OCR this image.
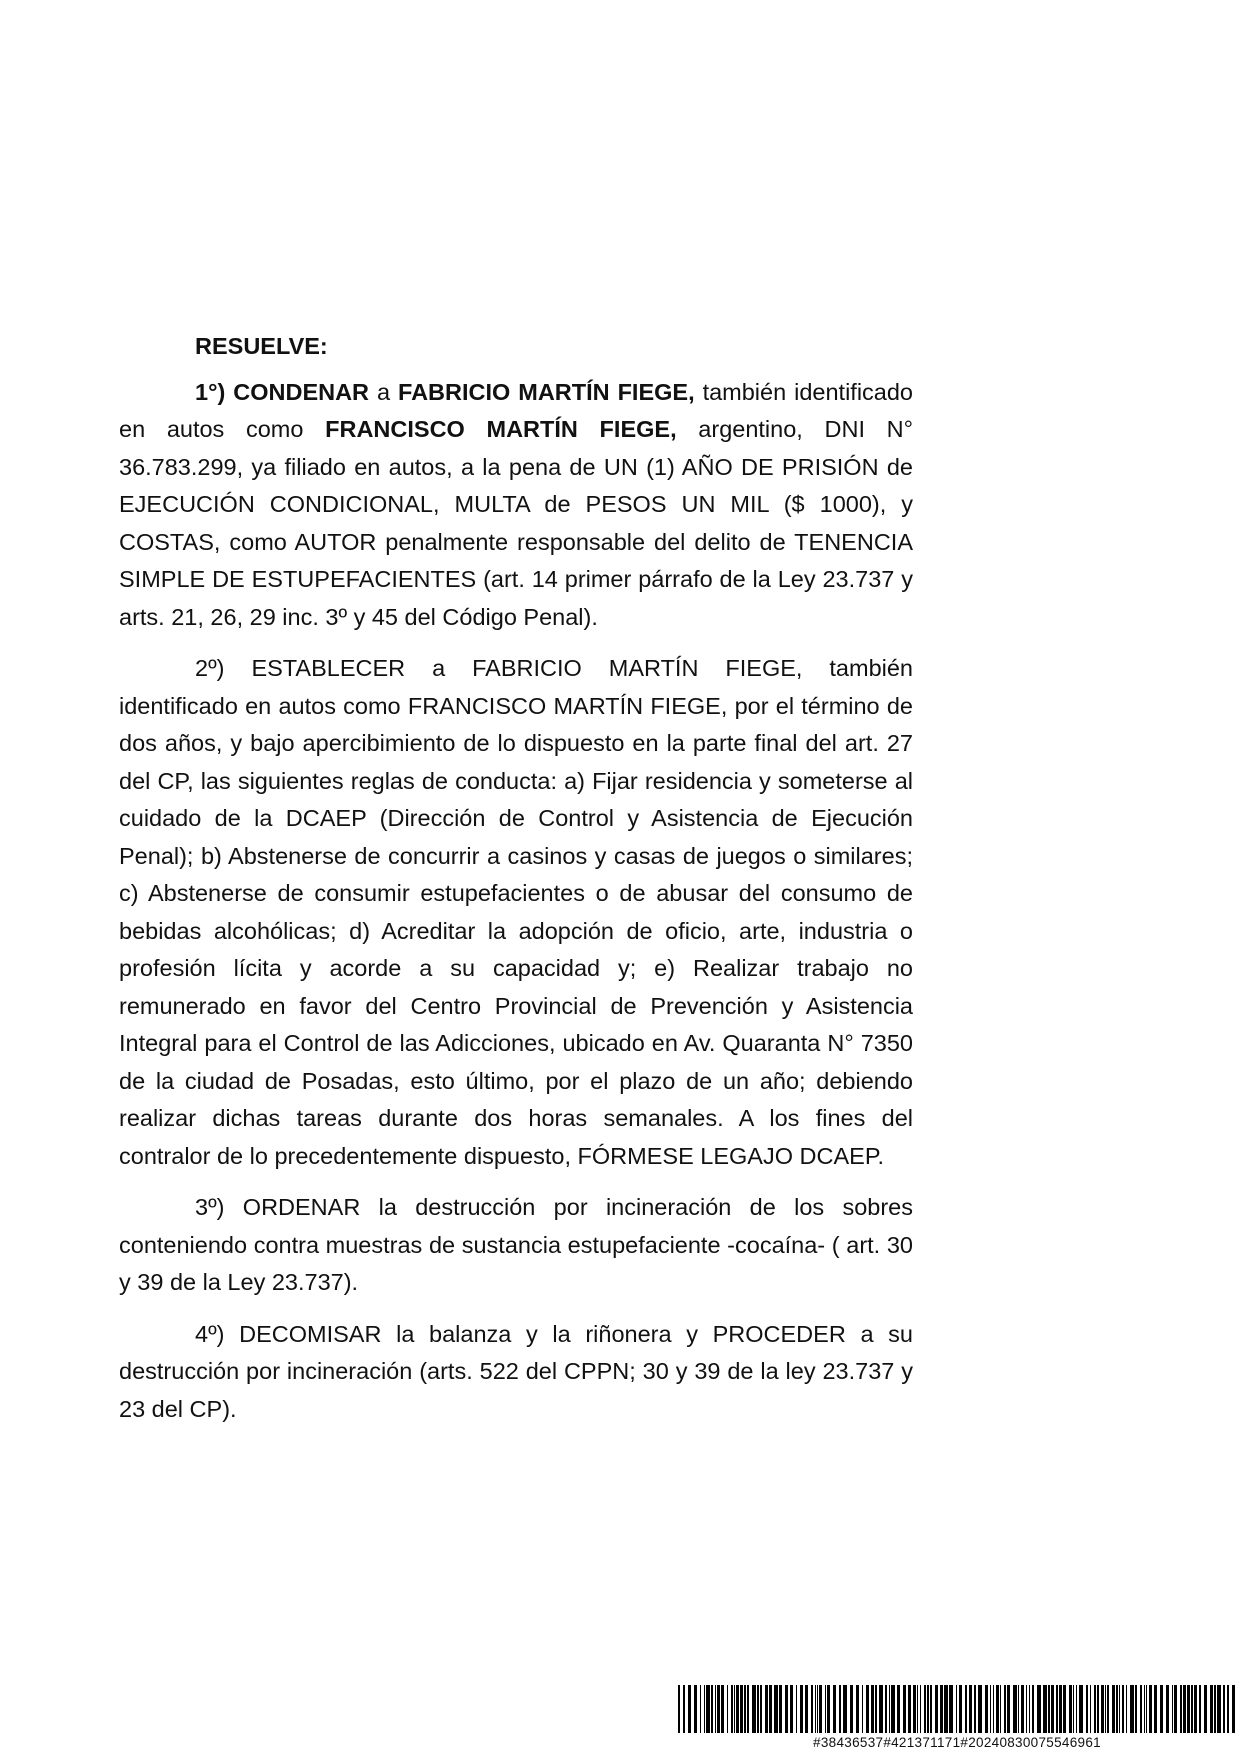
RESUELVE:

1°) CONDENAR a FABRICIO MARTÍN FIEGE, también identificado en autos como FRANCISCO MARTÍN FIEGE, argentino, DNI N° 36.783.299, ya filiado en autos, a la pena de UN (1) AÑO DE PRISIÓN de EJECUCIÓN CONDICIONAL, MULTA de PESOS UN MIL ($ 1000), y COSTAS, como AUTOR penalmente responsable del delito de TENENCIA SIMPLE DE ESTUPEFACIENTES (art. 14 primer párrafo de la Ley 23.737 y arts. 21, 26, 29 inc. 3º y 45 del Código Penal).

2º) ESTABLECER a FABRICIO MARTÍN FIEGE, también identificado en autos como FRANCISCO MARTÍN FIEGE, por el término de dos años, y bajo apercibimiento de lo dispuesto en la parte final del art. 27 del CP, las siguientes reglas de conducta: a) Fijar residencia y someterse al cuidado de la DCAEP (Dirección de Control y Asistencia de Ejecución Penal); b) Abstenerse de concurrir a casinos y casas de juegos o similares; c) Abstenerse de consumir estupefacientes o de abusar del consumo de bebidas alcohólicas; d) Acreditar la adopción de oficio, arte, industria o profesión lícita y acorde a su capacidad y; e) Realizar trabajo no remunerado en favor del Centro Provincial de Prevención y Asistencia Integral para el Control de las Adicciones, ubicado en Av. Quaranta N° 7350 de la ciudad de Posadas, esto último, por el plazo de un año; debiendo realizar dichas tareas durante dos horas semanales. A los fines del contralor de lo precedentemente dispuesto, FÓRMESE LEGAJO DCAEP.

3º) ORDENAR la destrucción por incineración de los sobres conteniendo contra muestras de sustancia estupefaciente -cocaína- ( art. 30 y 39 de la Ley 23.737).

4º) DECOMISAR la balanza y la riñonera y PROCEDER a su destrucción por incineración (arts. 522 del CPPN; 30 y 39 de la ley 23.737 y 23 del CP).

#38436537#421371171#20240830075546961
